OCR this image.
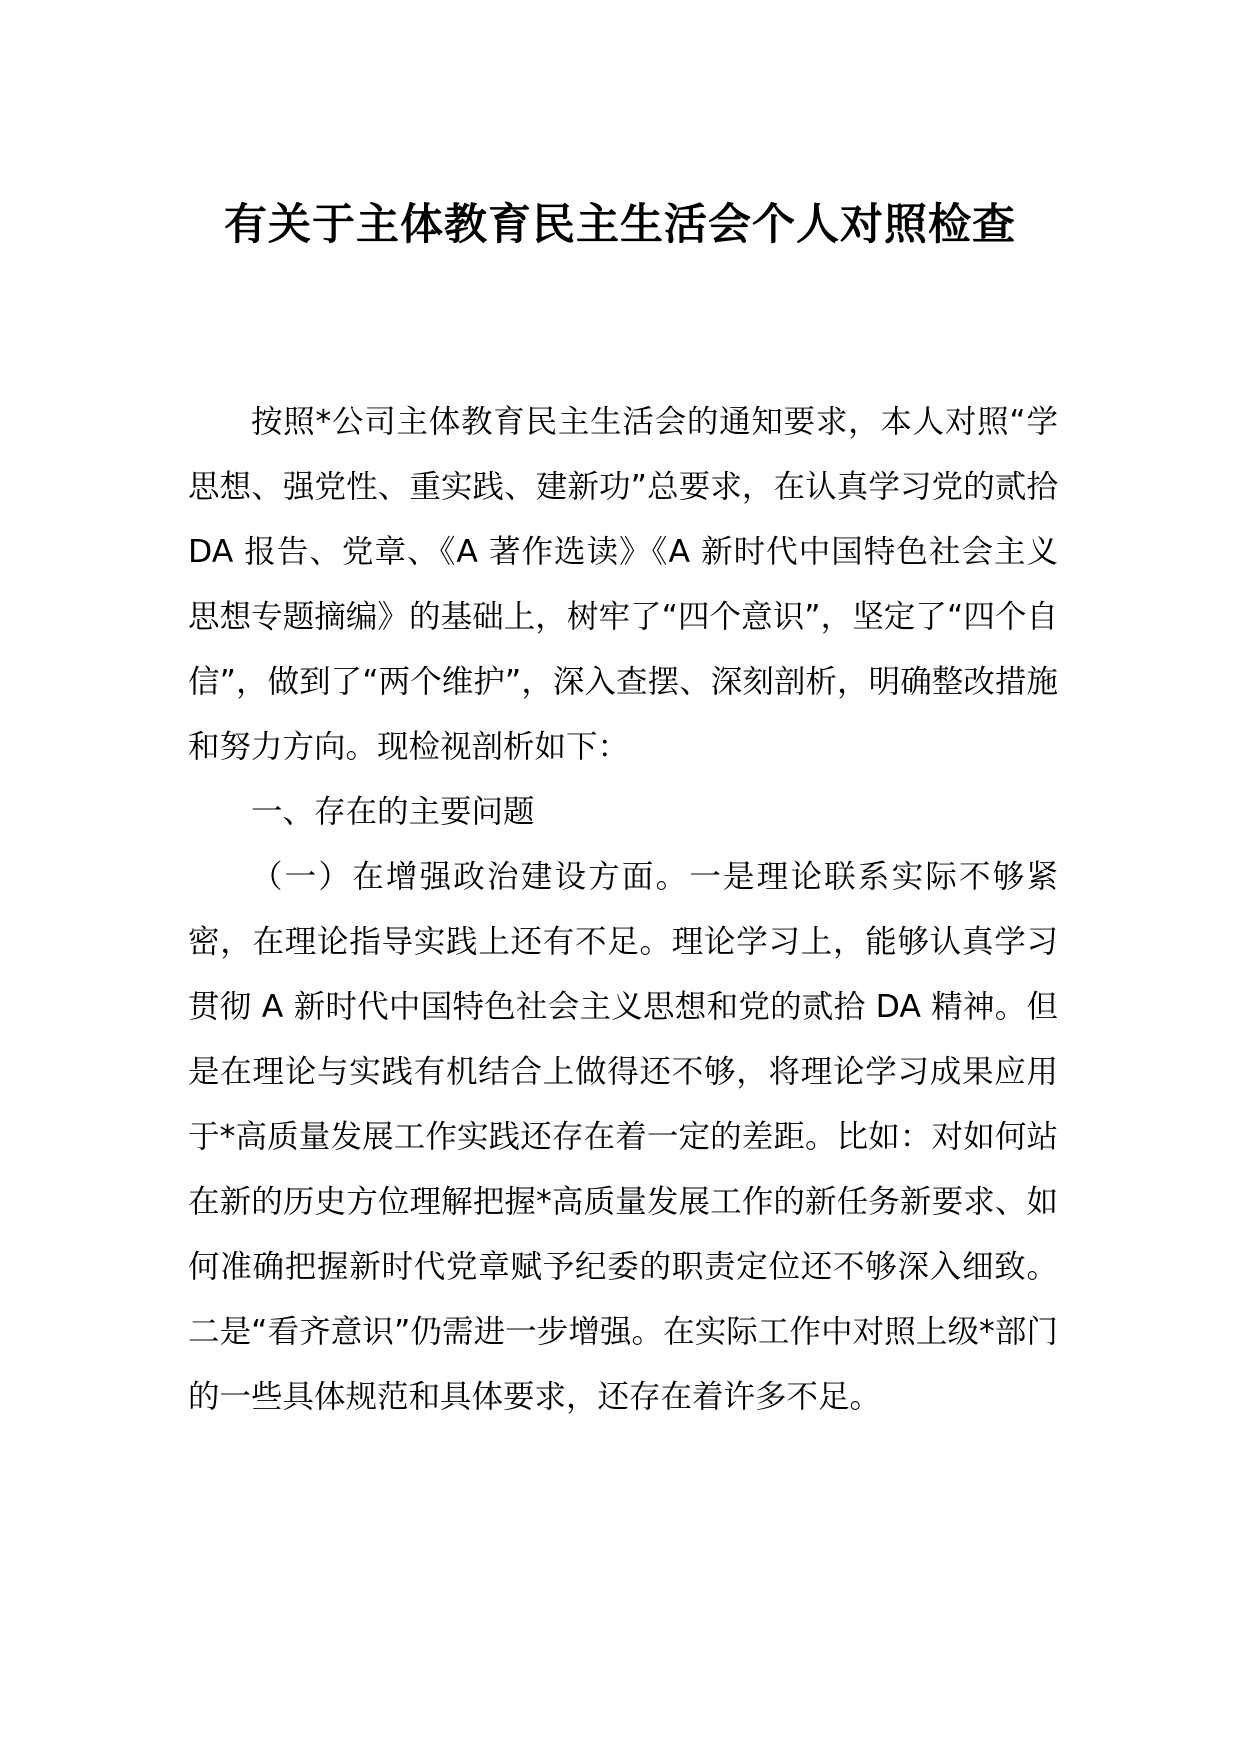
有关于主体教育民主生活会个人对照检查

按照*公司主体教育民主生活会的通知要求，本人对照“学思想、强党性、重实践、建新功”总要求，在认真学习党的贰拾 DA 报告、党章、《A 著作选读》《A 新时代中国特色社会主义思想专题摘编》的基础上，树牢了“四个意识”，坚定了“四个自信”，做到了“两个维护”，深入查摆、深刻剖析，明确整改措施和努力方向。现检视剖析如下：

一、存在的主要问题

（一）在增强政治建设方面。一是理论联系实际不够紧密，在理论指导实践上还有不足。理论学习上，能够认真学习贯彻 A 新时代中国特色社会主义思想和党的贰拾 DA 精神。但是在理论与实践有机结合上做得还不够，将理论学习成果应用于*高质量发展工作实践还存在着一定的差距。比如：对如何站在新的历史方位理解把握*高质量发展工作的新任务新要求、如何准确把握新时代党章赋予纪委的职责定位还不够深入细致。二是“看齐意识”仍需进一步增强。在实际工作中对照上级*部门的一些具体规范和具体要求，还存在着许多不足。
